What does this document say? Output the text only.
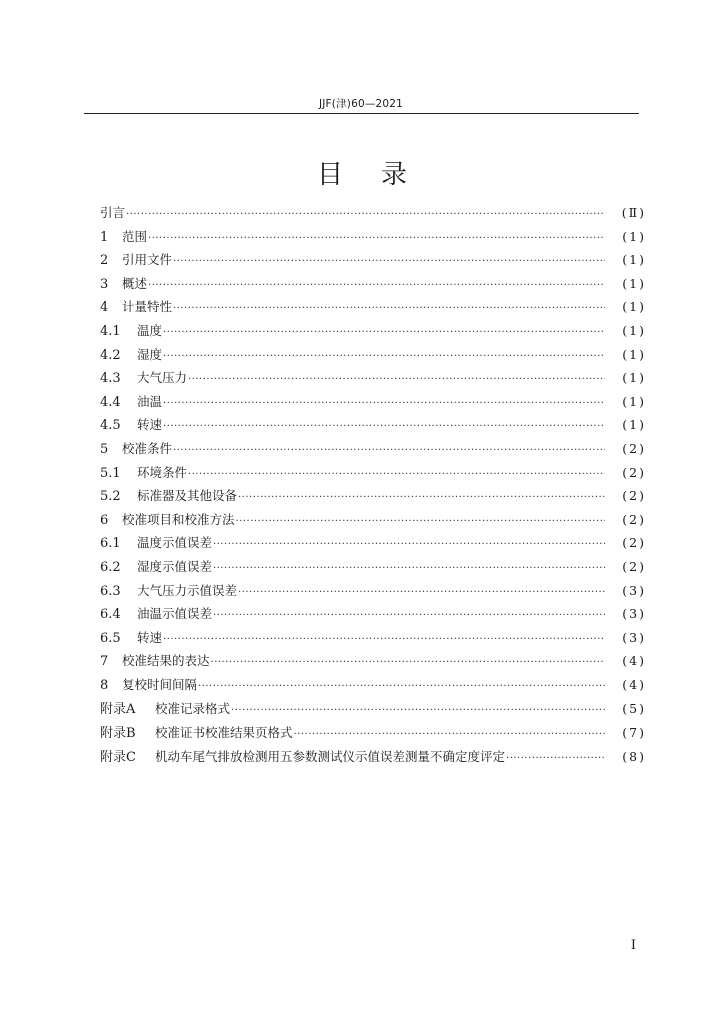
JJF(津)60—2021
目录
引言 ·····	(Ⅱ)
1	范围 ·····	(1)
2	引用文件 ·····	(1)
3	概述 ·····	(1)
4	计量特性 ·····	(1)
4.1	温度 ·····	(1)
4.2	湿度 ·····	(1)
4.3	大气压力 ·····	(1)
4.4	油温 ·····	(1)
4.5	转速 ·····	(1)
5	校准条件 ·····	(2)
5.1	环境条件 ·····	(2)
5.2	标准器及其他设备 ·····	(2)
6	校准项目和校准方法 ·····	(2)
6.1	温度示值误差 ·····	(2)
6.2	湿度示值误差 ·····	(2)
6.3	大气压力示值误差 ·····	(3)
6.4	油温示值误差 ·····	(3)
6.5	转速 ·····	(3)
7	校准结果的表达 ·····	(4)
8	复校时间间隔 ·····	(4)
附录A	校准记录格式 ·····	(5)
附录B	校准证书校准结果页格式 ·····	(7)
附录C	机动车尾气排放检测用五参数测试仪示值误差测量不确定度评定 ·····	(8)
I
